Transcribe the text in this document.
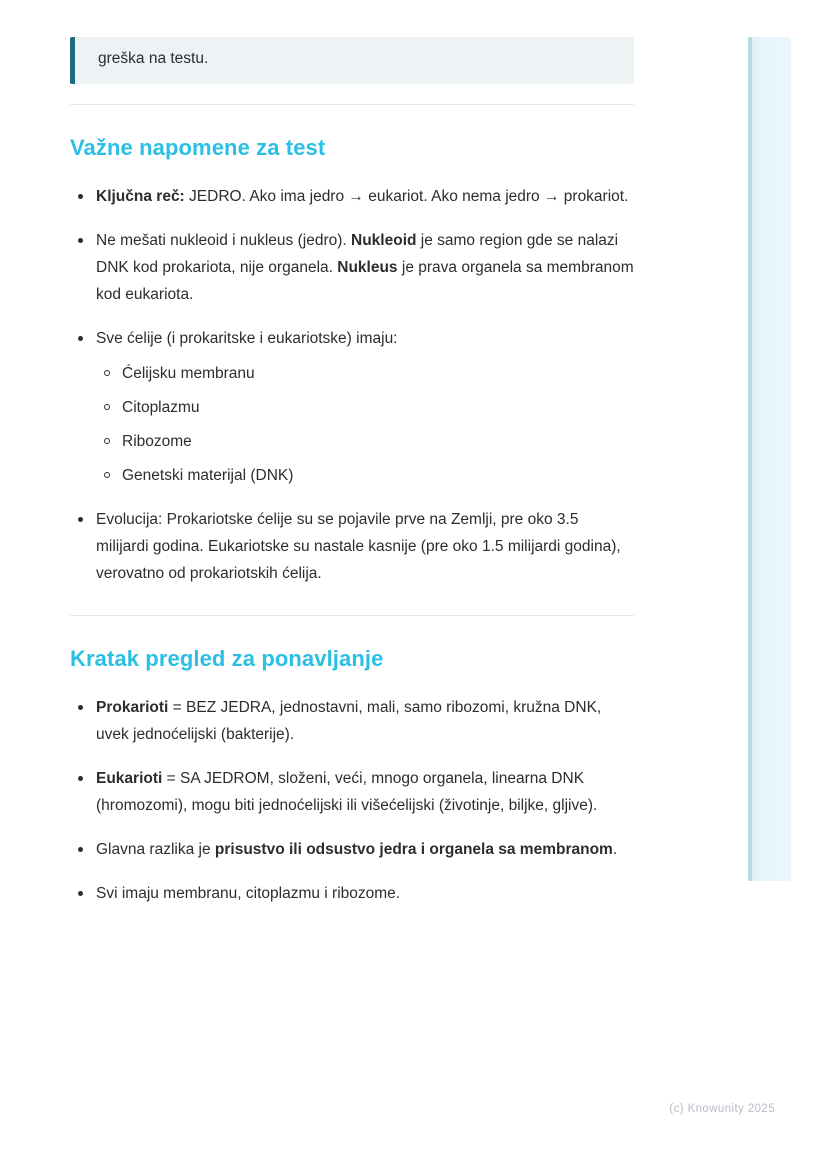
greška na testu.
Važne napomene za test
Ključna reč: JEDRO. Ako ima jedro → eukariot. Ako nema jedro → prokariot.
Ne mešati nukleoid i nukleus (jedro). Nukleoid je samo region gde se nalazi DNK kod prokariota, nije organela. Nukleus je prava organela sa membranom kod eukariota.
Sve ćelije (i prokaritske i eukariotske) imaju:
Ćelijsku membranu
Citoplazmu
Ribozome
Genetski materijal (DNK)
Evolucija: Prokariotske ćelije su se pojavile prve na Zemlji, pre oko 3.5 milijardi godina. Eukariotske su nastale kasnije (pre oko 1.5 milijardi godina), verovatno od prokariotskih ćelija.
Kratak pregled za ponavljanje
Prokarioti = BEZ JEDRA, jednostavni, mali, samo ribozomi, kružna DNK, uvek jednoćelijski (bakterije).
Eukarioti = SA JEDROM, složeni, veći, mnogo organela, linearna DNK (hromozomi), mogu biti jednoćelijski ili višećelijski (životinje, biljke, gljive).
Glavna razlika je prisustvo ili odsustvo jedra i organela sa membranom.
Svi imaju membranu, citoplazmu i ribozome.
(c) Knowunity 2025
